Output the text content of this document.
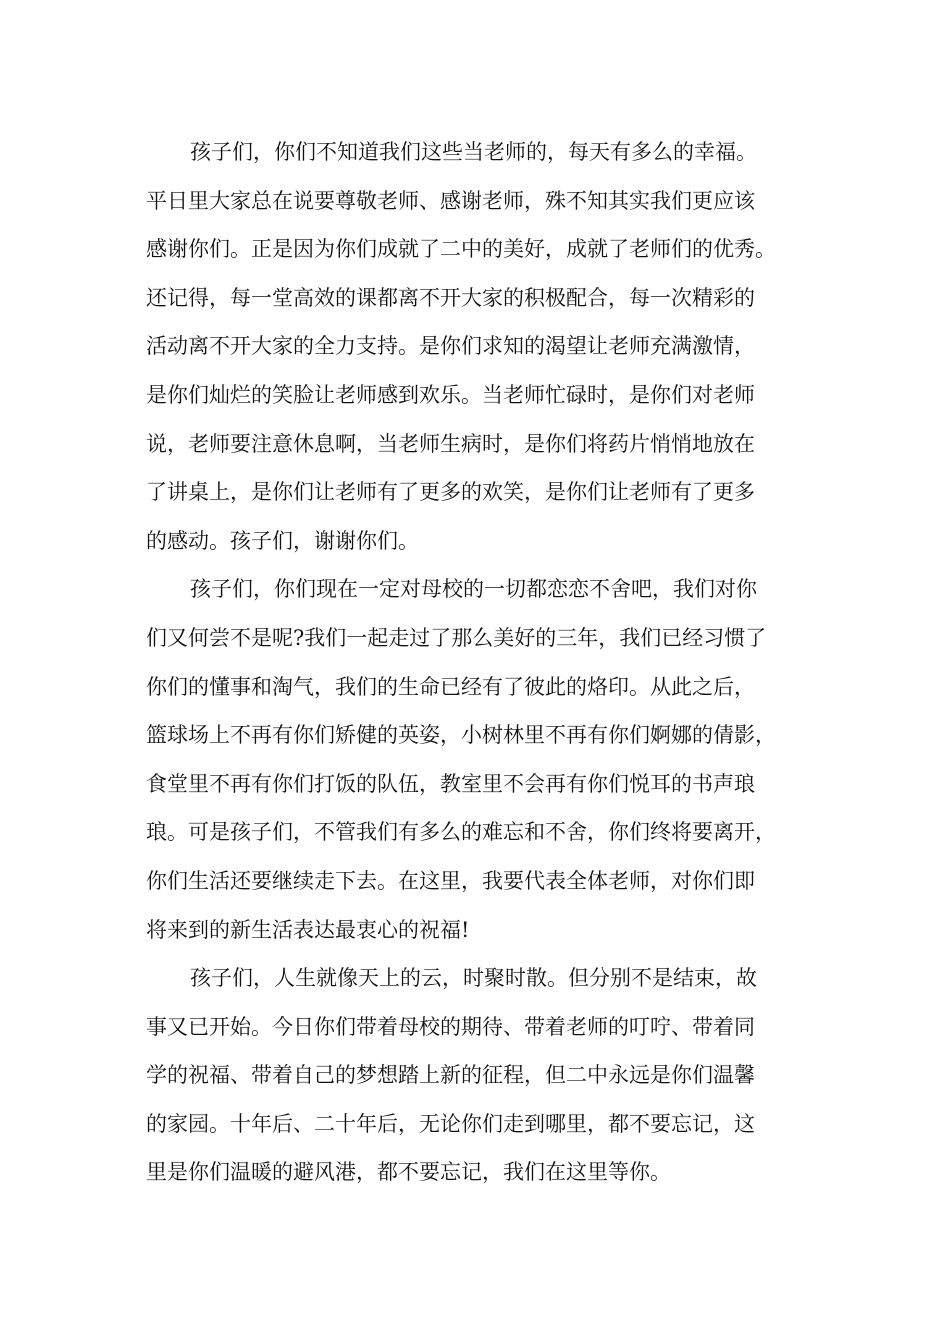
孩子们，你们不知道我们这些当老师的，每天有多么的幸福。
平日里大家总在说要尊敬老师、感谢老师，殊不知其实我们更应该
感谢你们。正是因为你们成就了二中的美好，成就了老师们的优秀。
还记得，每一堂高效的课都离不开大家的积极配合，每一次精彩的
活动离不开大家的全力支持。是你们求知的渴望让老师充满激情，
是你们灿烂的笑脸让老师感到欢乐。当老师忙碌时，是你们对老师
说，老师要注意休息啊，当老师生病时，是你们将药片悄悄地放在
了讲桌上，是你们让老师有了更多的欢笑，是你们让老师有了更多
的感动。孩子们，谢谢你们。
孩子们，你们现在一定对母校的一切都恋恋不舍吧，我们对你
们又何尝不是呢?我们一起走过了那么美好的三年，我们已经习惯了
你们的懂事和淘气，我们的生命已经有了彼此的烙印。从此之后，
篮球场上不再有你们矫健的英姿，小树林里不再有你们婀娜的倩影，
食堂里不再有你们打饭的队伍，教室里不会再有你们悦耳的书声琅
琅。可是孩子们，不管我们有多么的难忘和不舍，你们终将要离开，
你们生活还要继续走下去。在这里，我要代表全体老师，对你们即
将来到的新生活表达最衷心的祝福!
孩子们，人生就像天上的云，时聚时散。但分别不是结束，故
事又已开始。今日你们带着母校的期待、带着老师的叮咛、带着同
学的祝福、带着自己的梦想踏上新的征程，但二中永远是你们温馨
的家园。十年后、二十年后，无论你们走到哪里，都不要忘记，这
里是你们温暖的避风港，都不要忘记，我们在这里等你。
